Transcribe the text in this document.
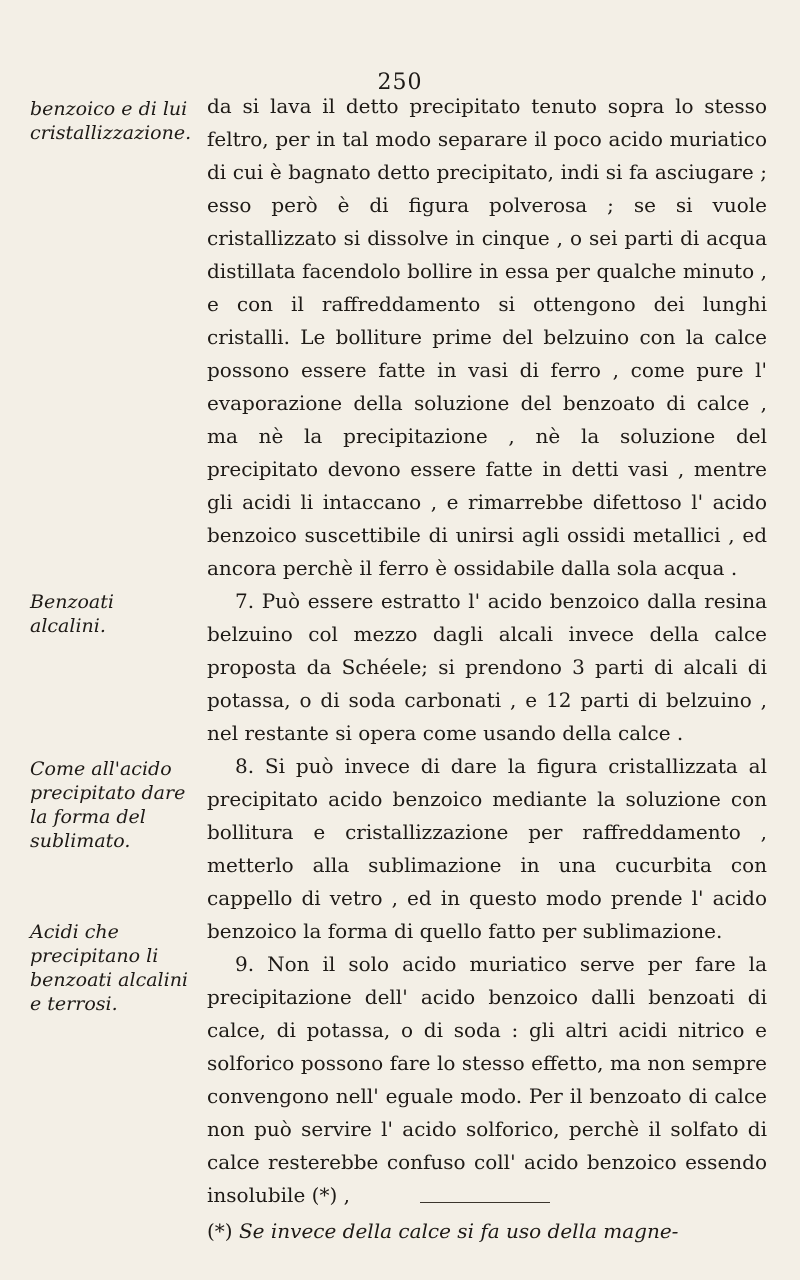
250
benzoico e di lui cristallizzazione.
Benzoati alcalini.
Come all'acido precipitato dare la forma del sublimato.
Acidi che precipitano li benzoati alcalini e terrosi.

da si lava il detto precipitato tenuto sopra lo stesso feltro, per in tal modo separare il poco acido muriatico di cui è bagnato detto precipitato, indi si fa asciugare ; esso però è di figura polverosa ; se si vuole cristallizzato si dissolve in cinque , o sei parti di acqua distillata facendolo bollire in essa per qualche minuto , e con il raffreddamento si ottengono dei lunghi cristalli. Le bolliture prime del belzuino con la calce possono essere fatte in vasi di ferro , come pure l' evaporazione della soluzione del benzoato di calce , ma nè la precipitazione , nè la soluzione del precipitato devono essere fatte in detti vasi , mentre gli acidi li intaccano , e rimarrebbe difettoso l' acido benzoico suscettibile di unirsi agli ossidi metallici , ed ancora perchè il ferro è ossidabile dalla sola acqua .

7. Può essere estratto l' acido benzoico dalla resina belzuino col mezzo dagli alcali invece della calce proposta da Schéele; si prendono 3 parti di alcali di potassa, o di soda carbonati , e 12 parti di belzuino , nel restante si opera come usando della calce .

8. Si può invece di dare la figura cristallizzata al precipitato acido benzoico mediante la soluzione con bollitura e cristallizzazione per raffreddamento , metterlo alla sublimazione in una cucurbita con cappello di vetro , ed in questo modo prende l' acido benzoico la forma di quello fatto per sublimazione.

9. Non il solo acido muriatico serve per fare la precipitazione dell' acido benzoico dalli benzoati di calce, di potassa, o di soda : gli altri acidi nitrico e solforico possono fare lo stesso effetto, ma non sempre convengono nell' eguale modo. Per il benzoato di calce non può servire l' acido solforico, perchè il solfato di calce resterebbe confuso coll' acido benzoico essendo insolubile (*) ,

(*) Se invece della calce si fa uso della magne-
